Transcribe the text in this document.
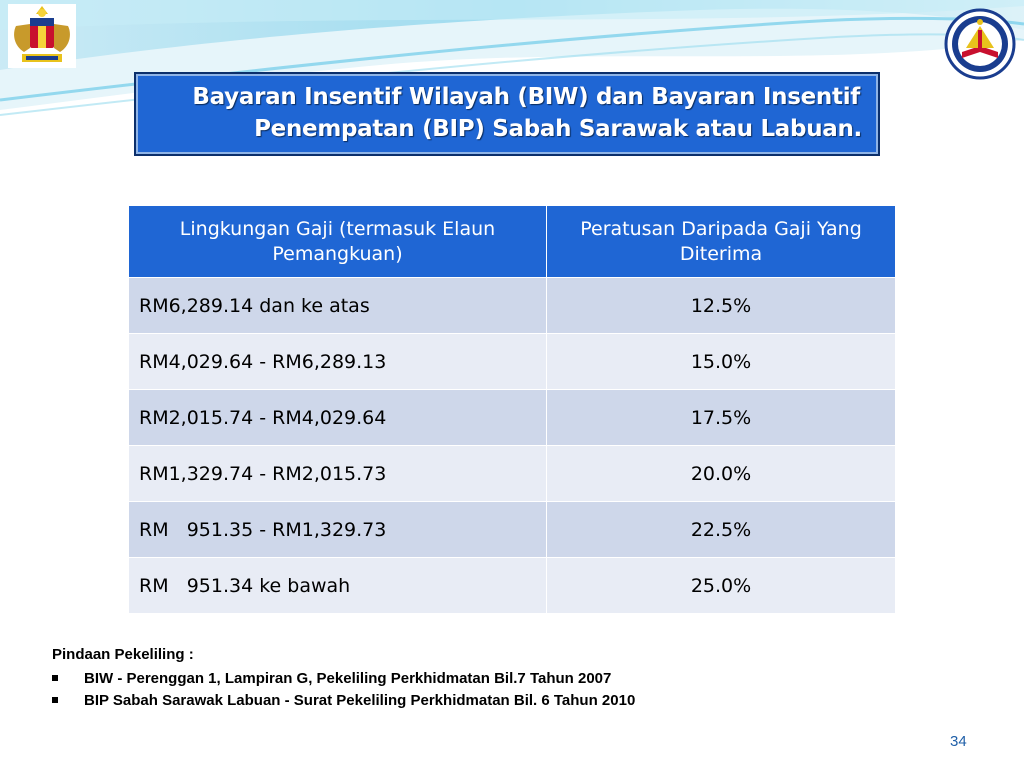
Bayaran Insentif Wilayah (BIW) dan Bayaran Insentif
Penempatan (BIP) Sabah Sarawak atau Labuan.
Lingkungan Gaji (termasuk Elaun Pemangkuan)	Peratusan Daripada Gaji Yang Diterima
RM6,289.14 dan ke atas	12.5%
RM4,029.64 - RM6,289.13	15.0%
RM2,015.74 - RM4,029.64	17.5%
RM1,329.74 - RM2,015.73	20.0%
RM   951.35 - RM1,329.73	22.5%
RM   951.34 ke bawah	25.0%
Pindaan Pekeliling :
BIW - Perenggan 1, Lampiran G, Pekeliling Perkhidmatan Bil.7 Tahun 2007
BIP Sabah Sarawak Labuan - Surat Pekeliling Perkhidmatan Bil. 6 Tahun 2010
34
